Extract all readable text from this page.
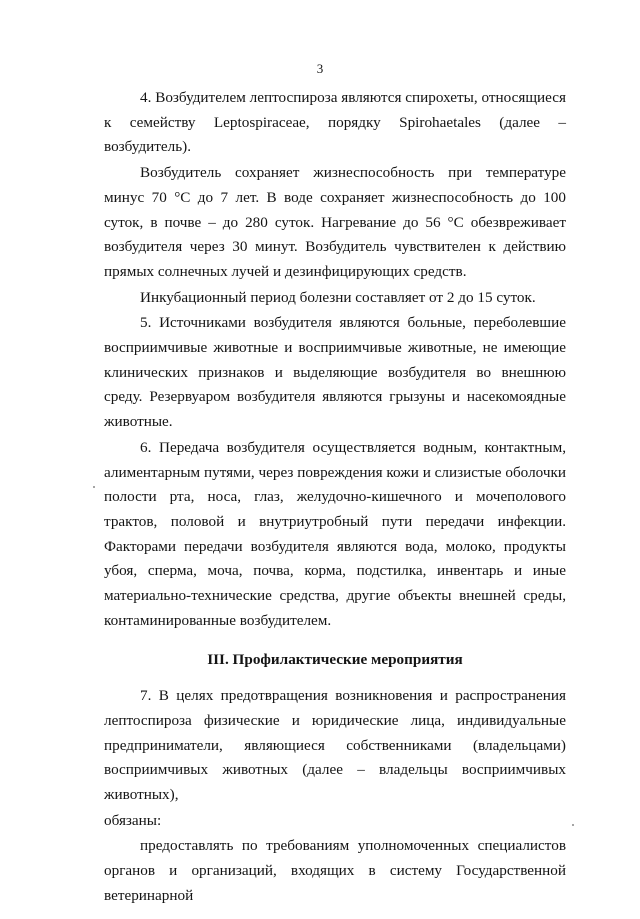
3

4. Возбудителем лептоспироза являются спирохеты, относящиеся к семейству Leptospiraceae, порядку Spirohaetales (далее – возбудитель).

Возбудитель сохраняет жизнеспособность при температуре минус 70 °С до 7 лет. В воде сохраняет жизнеспособность до 100 суток, в почве – до 280 суток. Нагревание до 56 °С обезвреживает возбудителя через 30 минут. Возбудитель чувствителен к действию прямых солнечных лучей и дезинфицирующих средств.

Инкубационный период болезни составляет от 2 до 15 суток.

5. Источниками возбудителя являются больные, переболевшие восприимчивые животные и восприимчивые животные, не имеющие клинических признаков и выделяющие возбудителя во внешнюю среду. Резервуаром возбудителя являются грызуны и насекомоядные животные.

6. Передача возбудителя осуществляется водным, контактным, алиментарным путями, через повреждения кожи и слизистые оболочки полости рта, носа, глаз, желудочно-кишечного и мочеполового трактов, половой и внутриутробный пути передачи инфекции. Факторами передачи возбудителя являются вода, молоко, продукты убоя, сперма, моча, почва, корма, подстилка, инвентарь и иные материально-технические средства, другие объекты внешней среды, контаминированные возбудителем.

III. Профилактические мероприятия

7. В целях предотвращения возникновения и распространения лептоспироза физические и юридические лица, индивидуальные предприниматели, являющиеся собственниками (владельцами) восприимчивых животных (далее – владельцы восприимчивых животных),

обязаны:

предоставлять по требованиям уполномоченных специалистов органов и организаций, входящих в систему Государственной ветеринарной
